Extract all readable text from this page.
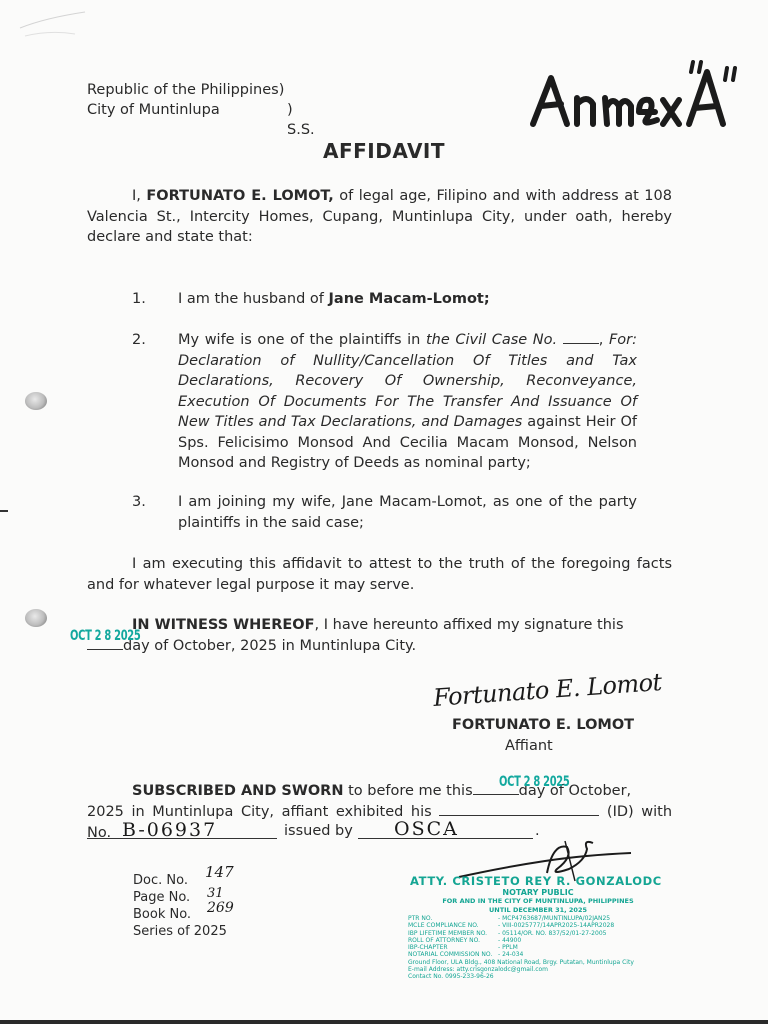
Republic of the Philippines)
City of Muntinlupa	) S.S.
AFFIDAVIT
I, FORTUNATO E. LOMOT, of legal age, Filipino and with address at 108 Valencia St., Intercity Homes, Cupang, Muntinlupa City, under oath, hereby declare and state that:
1. I am the husband of Jane Macam-Lomot;
2. My wife is one of the plaintiffs in the Civil Case No.	, For: Declaration of Nullity/Cancellation Of Titles and Tax Declarations, Recovery Of Ownership, Reconveyance, Execution Of Documents For The Transfer And Issuance Of New Titles and Tax Declarations, and Damages against Heir Of Sps. Felicisimo Monsod And Cecilia Macam Monsod, Nelson Monsod and Registry of Deeds as nominal party;
3. I am joining my wife, Jane Macam-Lomot, as one of the party plaintiffs in the said case;
I am executing this affidavit to attest to the truth of the foregoing facts and for whatever legal purpose it may serve.
IN WITNESS WHEREOF, I have hereunto affixed my signature this
day of October, 2025 in Muntinlupa City.
OCT 2 8 2025
Fortunato E. Lomot
FORTUNATO E. LOMOT
Affiant
SUBSCRIBED AND SWORN to before me this	day of October,
OCT 2 8 2025
2025 in Muntinlupa City, affiant exhibited his	(ID) with No. B-06937	issued by	.
OSCA
Doc. No. 147
Page No. 31
Book No. 269
Series of 2025
ATTY. CRISTETO REY R. GONZALODC
NOTARY PUBLIC
FOR AND IN THE CITY OF MUNTINLUPA, PHILIPPINES
UNTIL DECEMBER 31, 2025
PTR NO.	- MCP4763687/MUNTINLUPA/02JAN25
MCLE COMPLIANCE NO.	- VIII-0025777/14APR2025-14APR2028
IBP LIFETIME MEMBER NO.	- 05114/OR. NO. 837/52/01-27-2005
ROLL OF ATTORNEY NO.	- 44900
IBP-CHAPTER	- PPLM
NOTARIAL COMMISSION NO. - 24-034
Ground Floor, ULA Bldg., 408 National Road, Brgy. Putatan, Muntinlupa City
E-mail Address: atty.crisgonzalodc@gmail.com
Contact No. 0995-233-96-26
